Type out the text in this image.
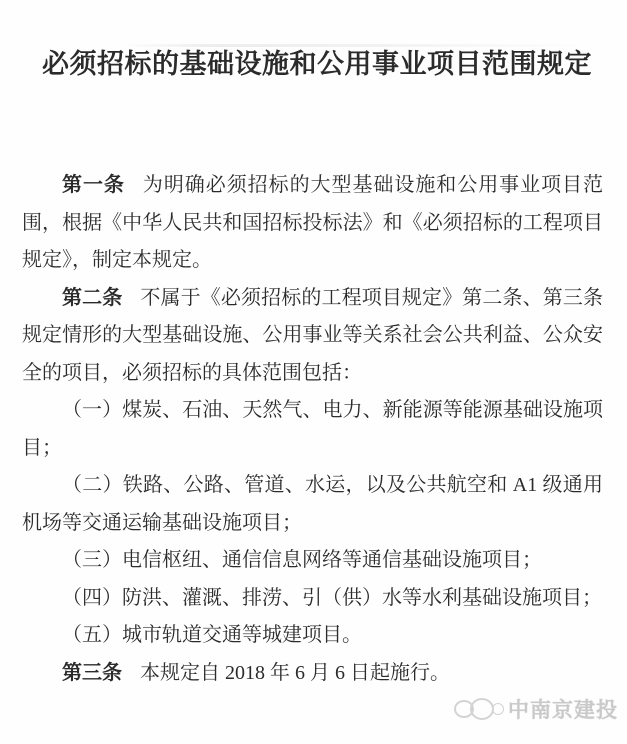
必须招标的基础设施和公用事业项目范围规定

第一条 为明确必须招标的大型基础设施和公用事业项目范围，根据《中华人民共和国招标投标法》和《必须招标的工程项目规定》，制定本规定。

第二条 不属于《必须招标的工程项目规定》第二条、第三条规定情形的大型基础设施、公用事业等关系社会公共利益、公众安全的项目，必须招标的具体范围包括：

（一）煤炭、石油、天然气、电力、新能源等能源基础设施项目；

（二）铁路、公路、管道、水运，以及公共航空和 A1 级通用机场等交通运输基础设施项目；

（三）电信枢纽、通信信息网络等通信基础设施项目；

（四）防洪、灌溉、排涝、引（供）水等水利基础设施项目；

（五）城市轨道交通等城建项目。

第三条 本规定自 2018 年 6 月 6 日起施行。

中南京建投
